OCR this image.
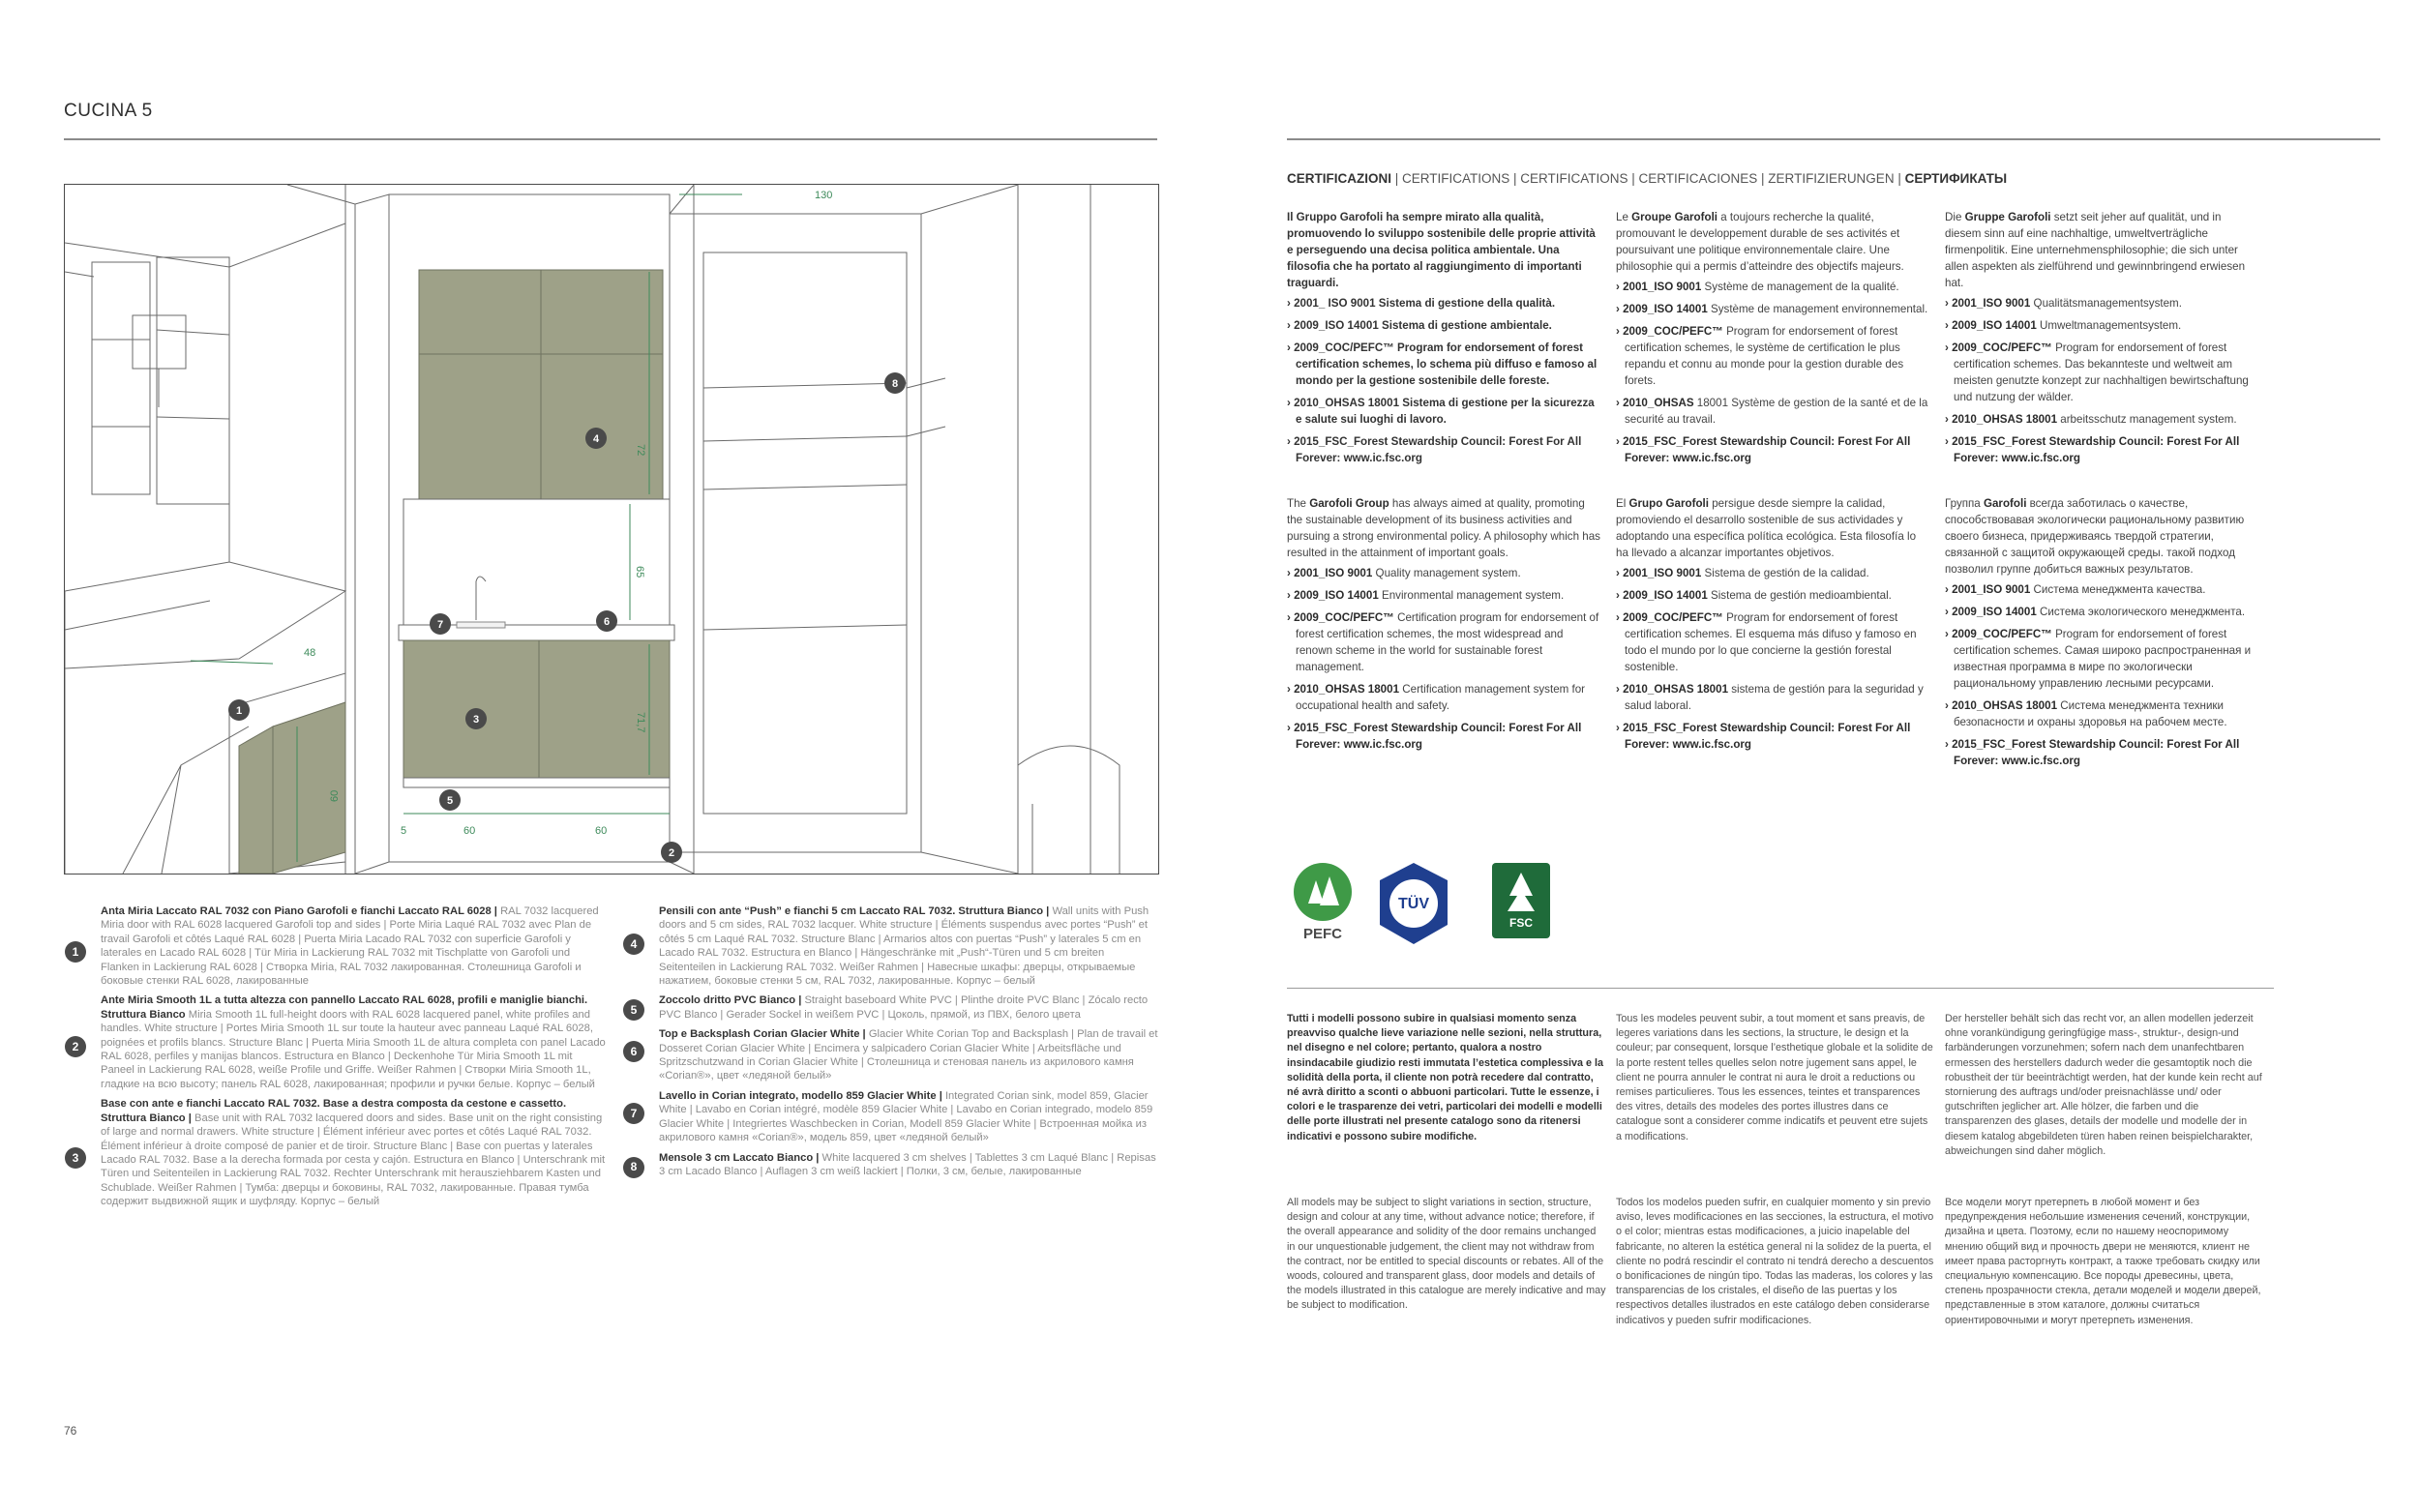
CUCINA 5
130
48
72
65
71,7
60
5	60	60
1
2
3
4
5
6
7
8
1
Anta Miria Laccato RAL 7032 con Piano Garofoli e fianchi Laccato RAL 6028 | RAL 7032 lacquered Miria door with RAL 6028 lacquered Garofoli top and sides | Porte Miria Laqué RAL 7032 avec Plan de travail Garofoli et côtés Laqué RAL 6028 | Puerta Miria Lacado RAL 7032 con superficie Garofoli y laterales en Lacado RAL 6028 | Tür Miria in Lackierung RAL 7032 mit Tischplatte von Garofoli und Flanken in Lackierung RAL 6028 | Створка Miria, RAL 7032 лакированная. Столешница Garofoli и боковые стенки RAL 6028, лакированные
2
Ante Miria Smooth 1L a tutta altezza con pannello Laccato RAL 6028, profili e maniglie bianchi. Struttura Bianco Miria Smooth 1L full-height doors with RAL 6028 lacquered panel, white profiles and handles. White structure | Portes Miria Smooth 1L sur toute la hauteur avec panneau Laqué RAL 6028, poignées et profils blancs. Structure Blanc | Puerta Miria Smooth 1L de altura completa con panel Lacado RAL 6028, perfiles y manijas blancos. Estructura en Blanco | Deckenhohe Tür Miria Smooth 1L mit Paneel in Lackierung RAL 6028, weiße Profile und Griffe. Weißer Rahmen | Створки Miria Smooth 1L, гладкие на всю высоту; панель RAL 6028, лакированная; профили и ручки белые. Корпус – белый
3
Base con ante e fianchi Laccato RAL 7032. Base a destra composta da cestone e cassetto. Struttura Bianco | Base unit with RAL 7032 lacquered doors and sides. Base unit on the right consisting of large and normal drawers. White structure | Élément inférieur avec portes et côtés Laqué RAL 7032. Élément inférieur à droite composé de panier et de tiroir. Structure Blanc | Base con puertas y laterales Lacado RAL 7032. Base a la derecha formada por cesta y cajón. Estructura en Blanco | Unterschrank mit Türen und Seitenteilen in Lackierung RAL 7032. Rechter Unterschrank mit herausziehbarem Kasten und Schublade. Weißer Rahmen | Тумба: дверцы и боковины, RAL 7032, лакированные. Правая тумба содержит выдвижной ящик и шуфляду. Корпус – белый
4
Pensili con ante “Push” e fianchi 5 cm Laccato RAL 7032. Struttura Bianco | Wall units with Push doors and 5 cm sides, RAL 7032 lacquer. White structure | Éléments suspendus avec portes “Push” et côtés 5 cm Laqué RAL 7032. Structure Blanc | Armarios altos con puertas “Push” y laterales 5 cm en Lacado RAL 7032. Estructura en Blanco | Hängeschränke mit „Push“-Türen und 5 cm breiten Seitenteilen in Lackierung RAL 7032. Weißer Rahmen | Навесные шкафы: дверцы, открываемые нажатием, боковые стенки 5 см, RAL 7032, лакированные. Корпус – белый
5
Zoccolo dritto PVC Bianco | Straight baseboard White PVC | Plinthe droite PVC Blanc | Zócalo recto PVC Blanco | Gerader Sockel in weißem PVC | Цоколь, прямой, из ПВХ, белого цвета
6
Top e Backsplash Corian Glacier White | Glacier White Corian Top and Backsplash | Plan de travail et Dosseret Corian Glacier White | Encimera y salpicadero Corian Glacier White | Arbeitsfläche und Spritzschutzwand in Corian Glacier White | Столешница и стеновая панель из акрилового камня «Corian®», цвет «ледяной белый»
7
Lavello in Corian integrato, modello 859 Glacier White | Integrated Corian sink, model 859, Glacier White | Lavabo en Corian intégré, modèle 859 Glacier White | Lavabo en Corian integrado, modelo 859 Glacier White | Integriertes Waschbecken in Corian, Modell 859 Glacier White | Встроенная мойка из акрилового камня «Corian®», модель 859, цвет «ледяной белый»
8
Mensole 3 cm Laccato Bianco | White lacquered 3 cm shelves | Tablettes 3 cm Laqué Blanc | Repisas 3 cm Lacado Blanco | Auflagen 3 cm weiß lackiert | Полки, 3 см, белые, лакированные
CERTIFICAZIONI | CERTIFICATIONS | CERTIFICATIONS | CERTIFICACIONES | ZERTIFIZIERUNGEN | СЕРТИФИКАТЫ

Il Gruppo Garofoli ha sempre mirato alla qualità, promuovendo lo sviluppo sostenibile delle proprie attività e perseguendo una decisa politica ambientale. Una filosofia che ha portato al raggiungimento di importanti traguardi.

› 2001_ ISO 9001 Sistema di gestione della qualità.
› 2009_ISO 14001 Sistema di gestione ambientale.
› 2009_COC/PEFC™ Program for endorsement of forest certification schemes, lo schema più diffuso e famoso al mondo per la gestione sostenibile delle foreste.
› 2010_OHSAS 18001 Sistema di gestione per la sicurezza e salute sui luoghi di lavoro.
› 2015_FSC_Forest Stewardship Council: Forest For All Forever: www.ic.fsc.org

Le Groupe Garofoli a toujours recherche la qualité, promouvant le developpement durable de ses activités et poursuivant une politique environnementale claire. Une philosophie qui a permis d’atteindre des objectifs majeurs.

› 2001_ISO 9001 Système de management de la qualité.
› 2009_ISO 14001 Système de management environnemental.
› 2009_COC/PEFC™ Program for endorsement of forest certification schemes, le système de certification le plus repandu et connu au monde pour la gestion durable des forets.
› 2010_OHSAS 18001 Système de gestion de la santé et de la securité au travail.
› 2015_FSC_Forest Stewardship Council: Forest For All Forever: www.ic.fsc.org

Die Gruppe Garofoli setzt seit jeher auf qualität, und in diesem sinn auf eine nachhaltige, umweltverträgliche firmenpolitik. Eine unternehmensphilosophie; die sich unter allen aspekten als zielführend und gewinnbringend erwiesen hat.

› 2001_ISO 9001 Qualitätsmanagementsystem.
› 2009_ISO 14001 Umweltmanagementsystem.
› 2009_COC/PEFC™ Program for endorsement of forest certification schemes. Das bekannteste und weltweit am meisten genutzte konzept zur nachhaltigen bewirtschaftung und nutzung der wälder.
› 2010_OHSAS 18001 arbeitsschutz management system.
› 2015_FSC_Forest Stewardship Council: Forest For All Forever: www.ic.fsc.org

The Garofoli Group has always aimed at quality, promoting the sustainable development of its business activities and pursuing a strong environmental policy. A philosophy which has resulted in the attainment of important goals.

› 2001_ISO 9001 Quality management system.
› 2009_ISO 14001 Environmental management system.
› 2009_COC/PEFC™ Certification program for endorsement of forest certification schemes, the most widespread and renown scheme in the world for sustainable forest management.
› 2010_OHSAS 18001 Certification management system for occupational health and safety.
› 2015_FSC_Forest Stewardship Council: Forest For All Forever: www.ic.fsc.org

El Grupo Garofoli persigue desde siempre la calidad, promoviendo el desarrollo sostenible de sus actividades y adoptando una específica política ecológica. Esta filosofía lo ha llevado a alcanzar importantes objetivos.

› 2001_ISO 9001 Sistema de gestión de la calidad.
› 2009_ISO 14001 Sistema de gestión medioambiental.
› 2009_COC/PEFC™ Program for endorsement of forest certification schemes. El esquema más difuso y famoso en todo el mundo por lo que concierne la gestión forestal sostenible.
› 2010_OHSAS 18001 sistema de gestión para la seguridad y salud laboral.
› 2015_FSC_Forest Stewardship Council: Forest For All Forever: www.ic.fsc.org

Группа Garofoli всегда заботилась о качестве, способствовавая экологически рациональному развитию своего бизнеса, придерживаясь твердой стратегии, связанной с защитой окружающей среды. такой подход позволил группе добиться важных результатов.

› 2001_ISO 9001 Система менеджмента качества.
› 2009_ISO 14001 Система экологического менеджмента.
› 2009_COC/PEFC™ Program for endorsement of forest certification schemes. Самая широко распространенная и известная программа в мире по экологически рациональному управлению лесными ресурсами.
› 2010_OHSAS 18001 Система менеджмента техники безопасности и охраны здоровья на рабочем месте.
› 2015_FSC_Forest Stewardship Council: Forest For All Forever: www.ic.fsc.org
PEFC
TÜV
FSC
Tutti i modelli possono subire in qualsiasi momento senza preavviso qualche lieve variazione nelle sezioni, nella struttura, nel disegno e nel colore; pertanto, qualora a nostro insindacabile giudizio resti immutata l’estetica complessiva e la solidità della porta, il cliente non potrà recedere dal contratto, né avrà diritto a sconti o abbuoni particolari. Tutte le essenze, i colori e le trasparenze dei vetri, particolari dei modelli e modelli delle porte illustrati nel presente catalogo sono da ritenersi indicativi e possono subire modifiche.
Tous les modeles peuvent subir, a tout moment et sans preavis, de legeres variations dans les sections, la structure, le design et la couleur; par consequent, lorsque l’esthetique globale et la solidite de la porte restent telles quelles selon notre jugement sans appel, le client ne pourra annuler le contrat ni aura le droit a reductions ou remises particulieres. Tous les essences, teintes et transparences des vitres, details des modeles des portes illustres dans ce catalogue sont a considerer comme indicatifs et peuvent etre sujets a modifications.
Der hersteller behält sich das recht vor, an allen modellen jederzeit ohne vorankündigung geringfügige mass-, struktur-, design-und farbänderungen vorzunehmen; sofern nach dem unanfechtbaren ermessen des herstellers dadurch weder die gesamtoptik noch die robustheit der tür beeinträchtigt werden, hat der kunde kein recht auf stornierung des auftrags und/oder preisnachlässe und/ oder gutschriften jeglicher art. Alle hölzer, die farben und die transparenzen des glases, details der modelle und modelle der in diesem katalog abgebildeten türen haben reinen beispielcharakter, abweichungen sind daher möglich.
All models may be subject to slight variations in section, structure, design and colour at any time, without advance notice; therefore, if the overall appearance and solidity of the door remains unchanged in our unquestionable judgement, the client may not withdraw from the contract, nor be entitled to special discounts or rebates. All of the woods, coloured and transparent glass, door models and details of the models illustrated in this catalogue are merely indicative and may be subject to modification.
Todos los modelos pueden sufrir, en cualquier momento y sin previo aviso, leves modificaciones en las secciones, la estructura, el motivo o el color; mientras estas modificaciones, a juicio inapelable del fabricante, no alteren la estética general ni la solidez de la puerta, el cliente no podrá rescindir el contrato ni tendrá derecho a descuentos o bonificaciones de ningún tipo. Todas las maderas, los colores y las transparencias de los cristales, el diseño de las puertas y los respectivos detalles ilustrados en este catálogo deben considerarse indicativos y pueden sufrir modificaciones.
Все модели могут претерпеть в любой момент и без предупреждения небольшие изменения сечений, конструкции, дизайна и цвета. Поэтому, если по нашему неоспоримому мнению общий вид и прочность двери не меняются, клиент не имеет права расторгнуть контракт, а также требовать скидку или специальную компенсацию. Все породы древесины, цвета, степень прозрачности стекла, детали моделей и модели дверей, представленные в этом каталоге, должны считаться ориентировочными и могут претерпеть изменения.
76
